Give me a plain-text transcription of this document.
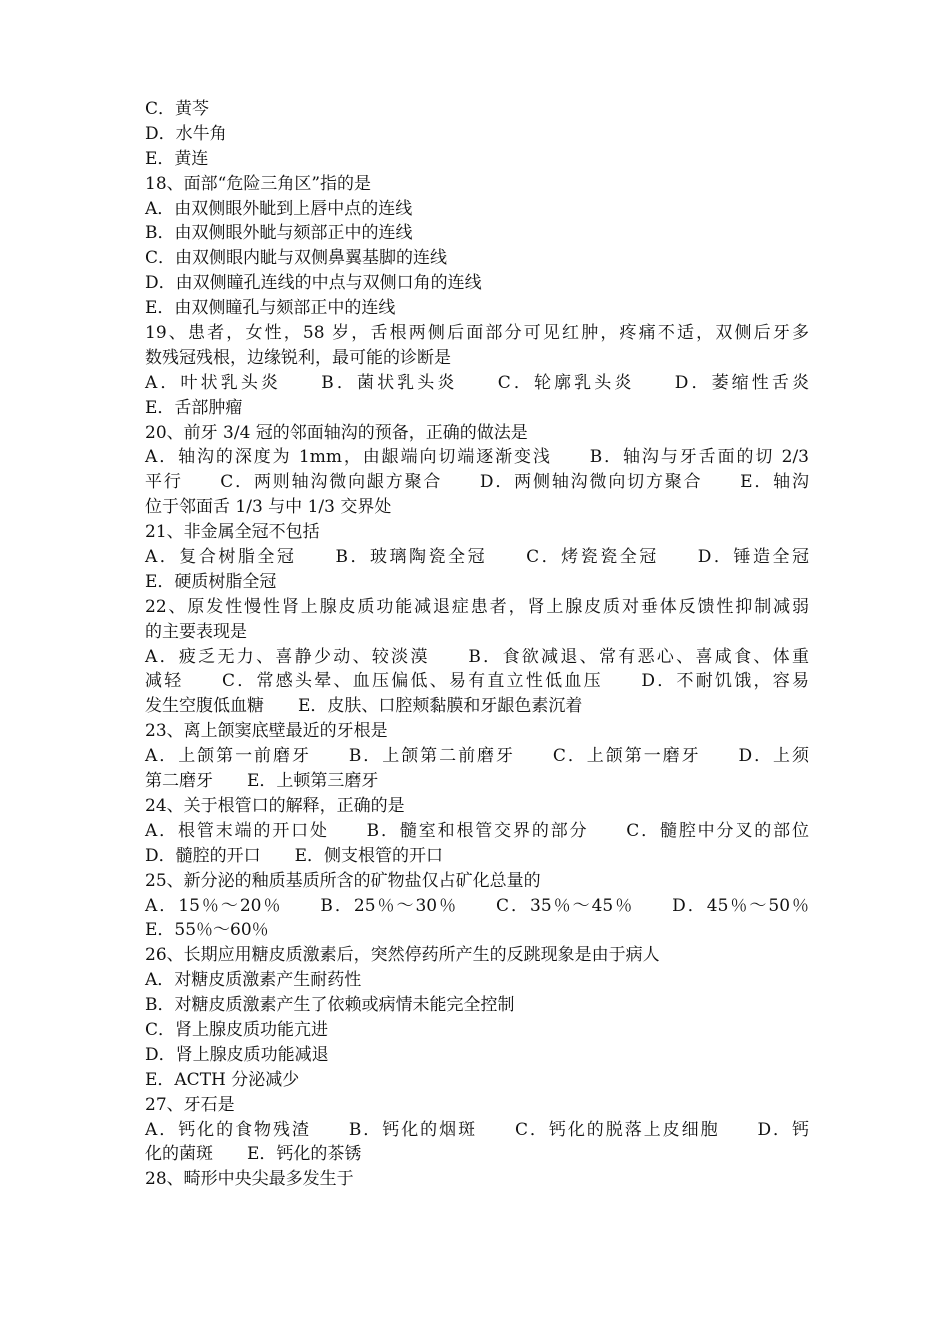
C．黄芩
D．水牛角
E．黄连
18、面部“危险三角区”指的是
A．由双侧眼外眦到上唇中点的连线
B．由双侧眼外眦与颏部正中的连线
C．由双侧眼内眦与双侧鼻翼基脚的连线
D．由双侧瞳孔连线的中点与双侧口角的连线
E．由双侧瞳孔与颏部正中的连线
19、患者，女性，58 岁，舌根两侧后面部分可见红肿，疼痛不适，双侧后牙多
数残冠残根，边缘锐利，最可能的诊断是
A．叶状乳头炎　　B．菌状乳头炎　　C．轮廓乳头炎　　D．萎缩性舌炎
E．舌部肿瘤
20、前牙 3/4 冠的邻面轴沟的预备，正确的做法是
A．轴沟的深度为 1mm，由龈端向切端逐渐变浅　　B．轴沟与牙舌面的切 2/3
平行　　C．两则轴沟微向龈方聚合　　D．两侧轴沟微向切方聚合　　E．轴沟
位于邻面舌 1/3 与中 1/3 交界处
21、非金属全冠不包括
A．复合树脂全冠　　B．玻璃陶瓷全冠　　C．烤瓷瓷全冠　　D．锤造全冠
E．硬质树脂全冠
22、原发性慢性肾上腺皮质功能减退症患者，肾上腺皮质对垂体反馈性抑制减弱
的主要表现是
A．疲乏无力、喜静少动、较淡漠　　B．食欲减退、常有恶心、喜咸食、体重
减轻　　C．常感头晕、血压偏低、易有直立性低血压　　D．不耐饥饿，容易
发生空腹低血糖　　E．皮肤、口腔颊黏膜和牙龈色素沉着
23、离上颌窦底壁最近的牙根是
A．上颌第一前磨牙　　B．上颌第二前磨牙　　C．上颌第一磨牙　　D．上须
第二磨牙　　E．上顿第三磨牙
24、关于根管口的解释，正确的是
A．根管末端的开口处　　B．髓室和根管交界的部分　　C．髓腔中分叉的部位
D．髓腔的开口　　E．侧支根管的开口
25、新分泌的釉质基质所含的矿物盐仅占矿化总量的
A．15％～20％　　B．25％～30％　　C．35％～45％　　D．45％～50％
E．55％～60％
26、长期应用糖皮质激素后，突然停药所产生的反跳现象是由于病人
A．对糖皮质激素产生耐药性
B．对糖皮质激素产生了依赖或病情未能完全控制
C．肾上腺皮质功能亢进
D．肾上腺皮质功能减退
E．ACTH 分泌减少
27、牙石是
A．钙化的食物残渣　　B．钙化的烟斑　　C．钙化的脱落上皮细胞　　D．钙
化的菌斑　　E．钙化的茶锈
28、畸形中央尖最多发生于
